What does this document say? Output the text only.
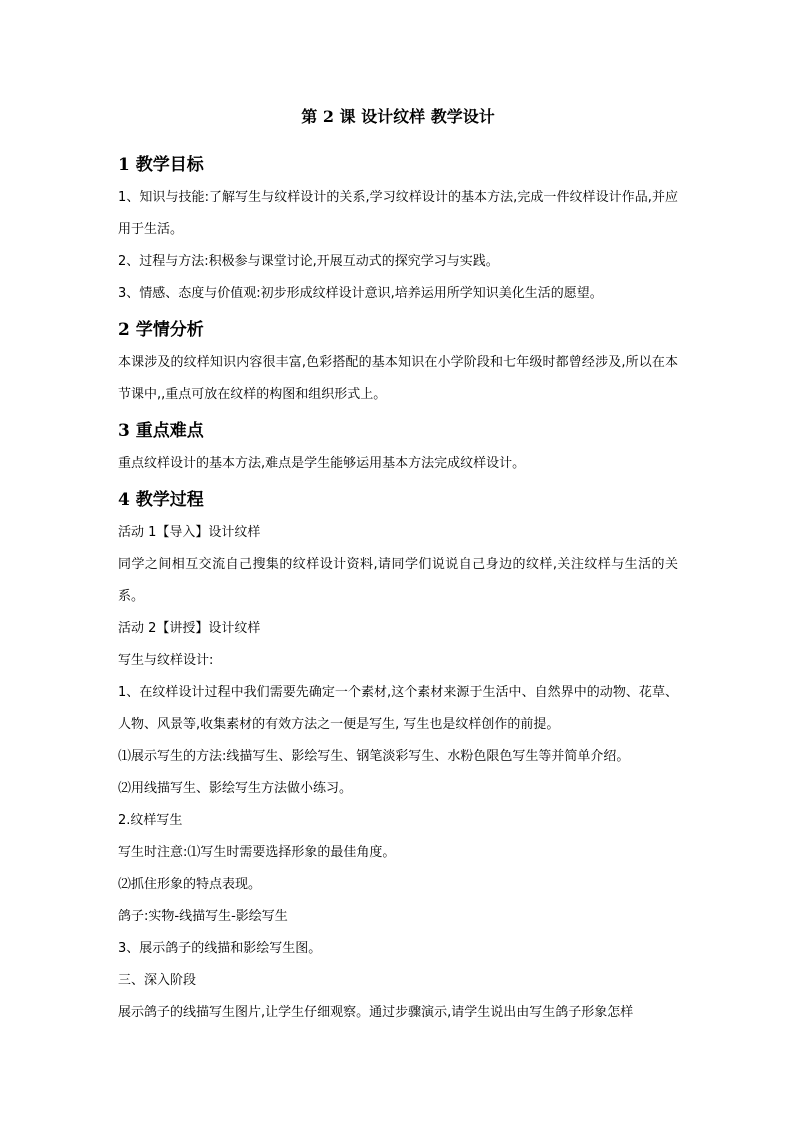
第 2 课 设计纹样 教学设计
1 教学目标

1、知识与技能:了解写生与纹样设计的关系,学习纹样设计的基本方法,完成一件纹样设计作品,并应用于生活。

2、过程与方法:积极参与课堂讨论,开展互动式的探究学习与实践。

3、情感、态度与价值观:初步形成纹样设计意识,培养运用所学知识美化生活的愿望。

2 学情分析

本课涉及的纹样知识内容很丰富,色彩搭配的基本知识在小学阶段和七年级时都曾经涉及,所以在本节课中,,重点可放在纹样的构图和组织形式上。

3 重点难点

重点纹样设计的基本方法,难点是学生能够运用基本方法完成纹样设计。

4 教学过程

活动 1【导入】设计纹样

同学之间相互交流自己搜集的纹样设计资料,请同学们说说自己身边的纹样,关注纹样与生活的关系。

活动 2【讲授】设计纹样

写生与纹样设计:

1、在纹样设计过程中我们需要先确定一个素材,这个素材来源于生活中、自然界中的动物、花草、人物、风景等,收集素材的有效方法之一便是写生, 写生也是纹样创作的前提。

⑴展示写生的方法:线描写生、影绘写生、钢笔淡彩写生、水粉色限色写生等并简单介绍。

⑵用线描写生、影绘写生方法做小练习。

2.纹样写生

写生时注意:⑴写生时需要选择形象的最佳角度。

⑵抓住形象的特点表现。

鸽子:实物-线描写生-影绘写生

3、展示鸽子的线描和影绘写生图。

三、深入阶段

展示鸽子的线描写生图片,让学生仔细观察。通过步骤演示,请学生说出由写生鸽子形象怎样
